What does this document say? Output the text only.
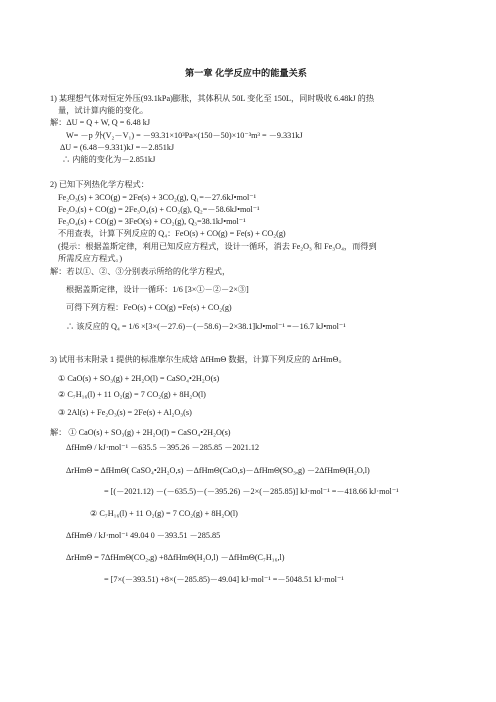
第一章 化学反应中的能量关系
1) 某理想气体对恒定外压(93.1kPa)膨胀，其体积从 50L 变化至 150L，同时吸收 6.48kJ 的热
量，试计算内能的变化。
解：ΔU = Q + W, Q = 6.48 kJ
W= －p 外(V₂－V₁) = －93.31×10³Pa×(150－50)×10⁻³m³ = －9.331kJ
ΔU = (6.48－9.331)kJ =－2.851kJ
∴ 内能的变化为－2.851kJ
2) 已知下列热化学方程式：
Fe₂O₃(s) + 3CO(g) = 2Fe(s) + 3CO₂(g), Q₁=－27.6kJ•mol⁻¹
Fe₂O₃(s) + CO(g) = 2Fe₃O₄(s) + CO₂(g), Q₂=－58.6kJ•mol⁻¹
Fe₃O₄(s) + CO(g) = 3FeO(s) + CO₂(g), Q₃=38.1kJ•mol⁻¹
不用查表，计算下列反应的 Q₄：FeO(s) + CO(g) = Fe(s) + CO₂(g)
(提示：根据盖斯定律，利用已知反应方程式，设计一循环，消去 Fe₂O₃ 和 Fe₃O₄，而得到
所需反应方程式。)
解：若以①、②、③分别表示所给的化学方程式，
根据盖斯定律，设计一循环：1/6 [3×①－②－2×③]
可得下列方程：FeO(s) + CO(g) =Fe(s) + CO₂(g)
∴ 该反应的 Q₄ = 1/6 ×[3×(－27.6)－(－58.6)－2×38.1]kJ•mol⁻¹ =－16.7 kJ•mol⁻¹
3) 试用书末附录 1 提供的标准摩尔生成焓 ΔfHmΘ 数据，计算下列反应的 ΔrHmΘ。
① CaO(s) + SO₃(g) + 2H₂O(l) = CaSO₄•2H₂O(s)
② C₇H₁₆(l) + 11 O₂(g) = 7 CO₂(g) + 8H₂O(l)
③ 2Al(s) + Fe₂O₃(s) = 2Fe(s) + Al₂O₃(s)
解： ① CaO(s) + SO₃(g) + 2H₂O(l) = CaSO₄•2H₂O(s)
ΔfHmΘ / kJ·mol⁻¹ －635.5 －395.26 －285.85 －2021.12
ΔrHmΘ = ΔfHmΘ( CaSO₄•2H₂O,s) －ΔfHmΘ(CaO,s)－ΔfHmΘ(SO₃,g) －2ΔfHmΘ(H₂O,l)
= [(－2021.12) －(－635.5)－(－395.26) －2×(－285.85)] kJ·mol⁻¹ =－418.66 kJ·mol⁻¹
② C₇H₁₆(l) + 11 O₂(g) = 7 CO₂(g) + 8H₂O(l)
ΔfHmΘ / kJ·mol⁻¹ 49.04 0 －393.51 －285.85
ΔrHmΘ = 7ΔfHmΘ(CO₂,g) +8ΔfHmΘ(H₂O,l) －ΔfHmΘ(C₇H₁₆,l)
= [7×(－393.51) +8×(－285.85)－49.04] kJ·mol⁻¹ =－5048.51 kJ·mol⁻¹
